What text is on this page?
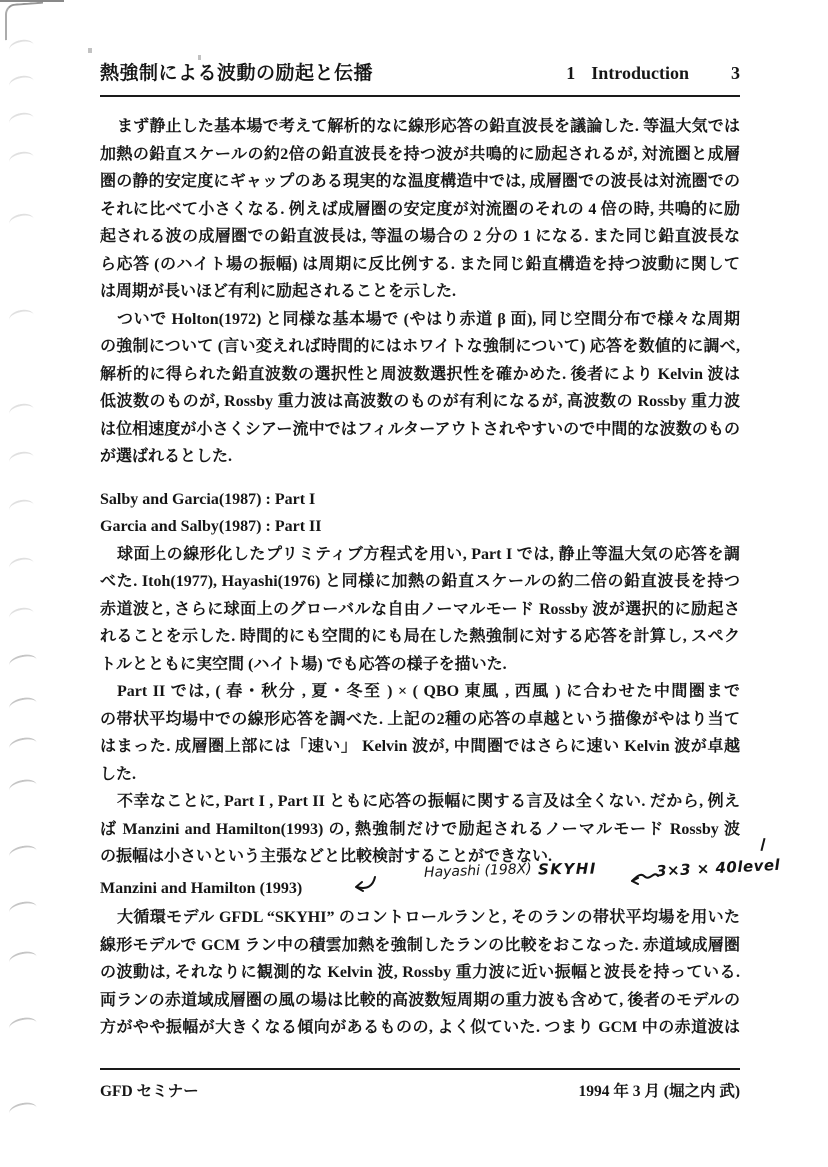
熱強制による波動の励起と伝播	1 Introduction 3
まず静止した基本場で考えて解析的なに線形応答の鉛直波長を議論した. 等温大気では
加熱の鉛直スケールの約2倍の鉛直波長を持つ波が共鳴的に励起されるが, 対流圏と成層
圏の静的安定度にギャップのある現実的な温度構造中では, 成層圏での波長は対流圏での
それに比べて小さくなる. 例えば成層圏の安定度が対流圏のそれの 4 倍の時, 共鳴的に励
起される波の成層圏での鉛直波長は, 等温の場合の 2 分の 1 になる. また同じ鉛直波長な
ら応答 (のハイト場の振幅) は周期に反比例する. また同じ鉛直構造を持つ波動に関して
は周期が長いほど有利に励起されることを示した.
ついで Holton(1972) と同様な基本場で (やはり赤道 β 面), 同じ空間分布で様々な周期
の強制について (言い変えれば時間的にはホワイトな強制について) 応答を数値的に調べ,
解析的に得られた鉛直波数の選択性と周波数選択性を確かめた. 後者により Kelvin 波は
低波数のものが, Rossby 重力波は高波数のものが有利になるが, 高波数の Rossby 重力波
は位相速度が小さくシアー流中ではフィルターアウトされやすいので中間的な波数のもの
が選ばれるとした.
Salby and Garcia(1987) : Part I
Garcia and Salby(1987) : Part II
球面上の線形化したプリミティブ方程式を用い, Part I では, 静止等温大気の応答を調
べた. Itoh(1977), Hayashi(1976) と同様に加熱の鉛直スケールの約二倍の鉛直波長を持つ
赤道波と, さらに球面上のグローバルな自由ノーマルモード Rossby 波が選択的に励起さ
れることを示した. 時間的にも空間的にも局在した熱強制に対する応答を計算し, スペク
トルとともに実空間 (ハイト場) でも応答の様子を描いた.
Part II では, ( 春・秋分 , 夏・冬至 ) × ( QBO 東風 , 西風 ) に合わせた中間圏まで
の帯状平均場中での線形応答を調べた. 上記の2種の応答の卓越という描像がやはり当て
はまった. 成層圏上部には「速い」 Kelvin 波が, 中間圏ではさらに速い Kelvin 波が卓越
した.
不幸なことに, Part I , Part II ともに応答の振幅に関する言及は全くない. だから, 例え
ば Manzini and Hamilton(1993) の, 熱強制だけで励起されるノーマルモード Rossby 波
の振幅は小さいという主張などと比較検討することができない.
Manzini and Hamilton (1993)
大循環モデル GFDL “SKYHI” のコントロールランと, そのランの帯状平均場を用いた
線形モデルで GCM ラン中の積雲加熱を強制したランの比較をおこなった. 赤道域成層圏
の波動は, それなりに観測的な Kelvin 波, Rossby 重力波に近い振幅と波長を持っている.
両ランの赤道域成層圏の風の場は比較的高波数短周期の重力波も含めて, 後者のモデルの
方がやや振幅が大きくなる傾向があるものの, よく似ていた. つまり GCM 中の赤道波は
Hayashi (198X) SKYHI	3×3 × 40level
GFD セミナー	1994 年 3 月 (堀之内 武)
